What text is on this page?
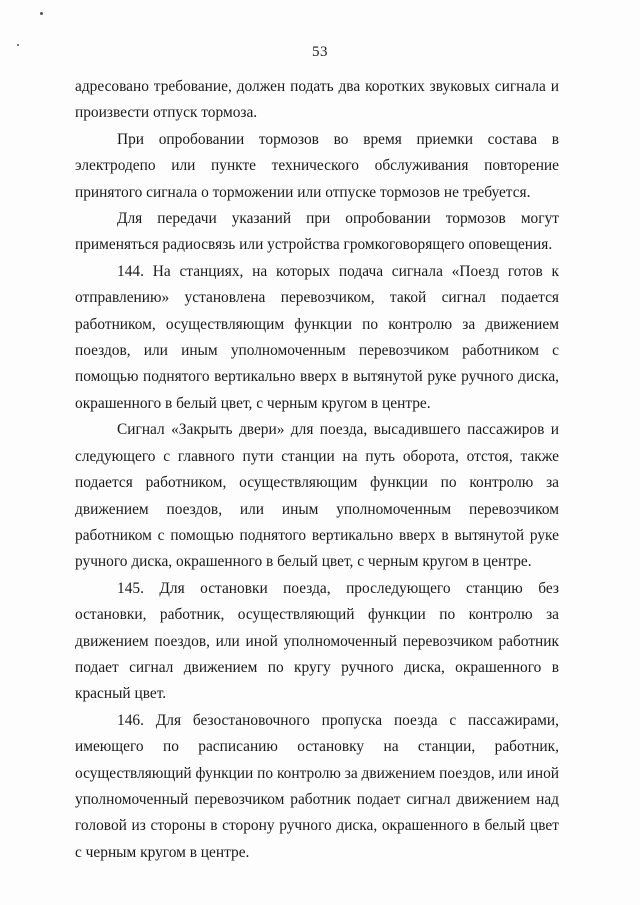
53

адресовано требование, должен подать два коротких звуковых сигнала и произвести отпуск тормоза.

При опробовании тормозов во время приемки состава в электродепо или пункте технического обслуживания повторение принятого сигнала о торможении или отпуске тормозов не требуется.

Для передачи указаний при опробовании тормозов могут применяться радиосвязь или устройства громкоговорящего оповещения.

144. На станциях, на которых подача сигнала «Поезд готов к отправлению» установлена перевозчиком, такой сигнал подается работником, осуществляющим функции по контролю за движением поездов, или иным уполномоченным перевозчиком работником с помощью поднятого вертикально вверх в вытянутой руке ручного диска, окрашенного в белый цвет, с черным кругом в центре.

Сигнал «Закрыть двери» для поезда, высадившего пассажиров и следующего с главного пути станции на путь оборота, отстоя, также подается работником, осуществляющим функции по контролю за движением поездов, или иным уполномоченным перевозчиком работником с помощью поднятого вертикально вверх в вытянутой руке ручного диска, окрашенного в белый цвет, с черным кругом в центре.

145. Для остановки поезда, проследующего станцию без остановки, работник, осуществляющий функции по контролю за движением поездов, или иной уполномоченный перевозчиком работник подает сигнал движением по кругу ручного диска, окрашенного в красный цвет.

146. Для безостановочного пропуска поезда с пассажирами, имеющего по расписанию остановку на станции, работник, осуществляющий функции по контролю за движением поездов, или иной уполномоченный перевозчиком работник подает сигнал движением над головой из стороны в сторону ручного диска, окрашенного в белый цвет с черным кругом в центре.
